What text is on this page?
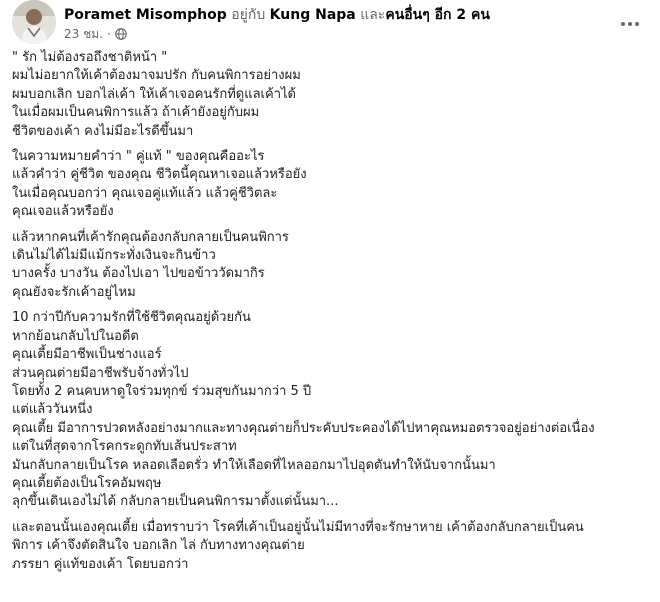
Poramet Misomphop อยู่กับ Kung Napa และคนอื่นๆ อีก 2 คน
23 ชม. ·
" รัก ไม่ต้องรอถึงชาติหน้า "
ผมไม่อยากให้เค้าต้องมาจมปรัก กับคนพิการอย่างผม
ผมบอกเลิก บอกไล่เค้า ให้เค้าเจอคนรักที่ดูแลเค้าได้
ในเมื่อผมเป็นคนพิการแล้ว ถ้าเค้ายังอยู่กับผม
ชีวิตของเค้า คงไม่มีอะไรดีขึ้นมา
ในความหมายคำว่า " คู่แท้ " ของคุณคืออะไร
แล้วคำว่า คู่ชีวิต ของคุณ ชีวิตนี้คุณหาเจอแล้วหรือยัง
ในเมื่อคุณบอกว่า คุณเจอคู่แท้แล้ว แล้วคู่ชีวิตละ
คุณเจอแล้วหรือยัง
แล้วหากคนที่เค้ารักคุณต้องกลับกลายเป็นคนพิการ
เดินไม่ได้ไม่มีแม้กระทั่งเงินจะกินข้าว
บางครั้ง บางวัน ต้องไปเอา ไปขอข้าววัดมากิร
คุณยังจะรักเค้าอยู่ไหม
10 กว่าปีกับความรักที่ใช้ชีวิตคุณอยู่ด้วยกัน
หากย้อนกลับไปในอดีต
คุณเตี้ยมีอาชีพเป็นช่างแอร์
ส่วนคุณต่ายมีอาชีพรับจ้างทั่วไป
โดยทั้ง 2 คนคบหาดูใจร่วมทุกข์ ร่วมสุขกันมากว่า 5 ปี
แต่แล้ววันหนึ่ง
คุณเตี้ย มีอาการปวดหลังอย่างมากและทางคุณต่ายก็ประคับประคองได้ไปหาคุณหมอตรวจอยู่อย่างต่อเนื่อง
แต่ในที่สุดจากโรคกระดูกทับเส้นประสาท
มันกลับกลายเป็นโรค หลอดเลือดรั่ว ทำให้เลือดที่ไหลออกมาไปอุดตันทำให้นับจากนั้นมา
คุณเตี้ยต้องเป็นโรคอัมพฤษ
ลุกขึ้นเดินเองไม่ได้ กลับกลายเป็นคนพิการมาตั้งแต่นั้นมา...
และตอนนั้นเองคุณเตี้ย เมื่อทราบว่า โรคที่เค้าเป็นอยู่นั้นไม่มีทางที่จะรักษาหาย เค้าต้องกลับกลายเป็นคน
พิการ เค้าจึงตัดสินใจ บอกเลิก ไล่ กับทางทางคุณต่าย
ภรรยา คู่แท้ของเค้า โดยบอกว่า
